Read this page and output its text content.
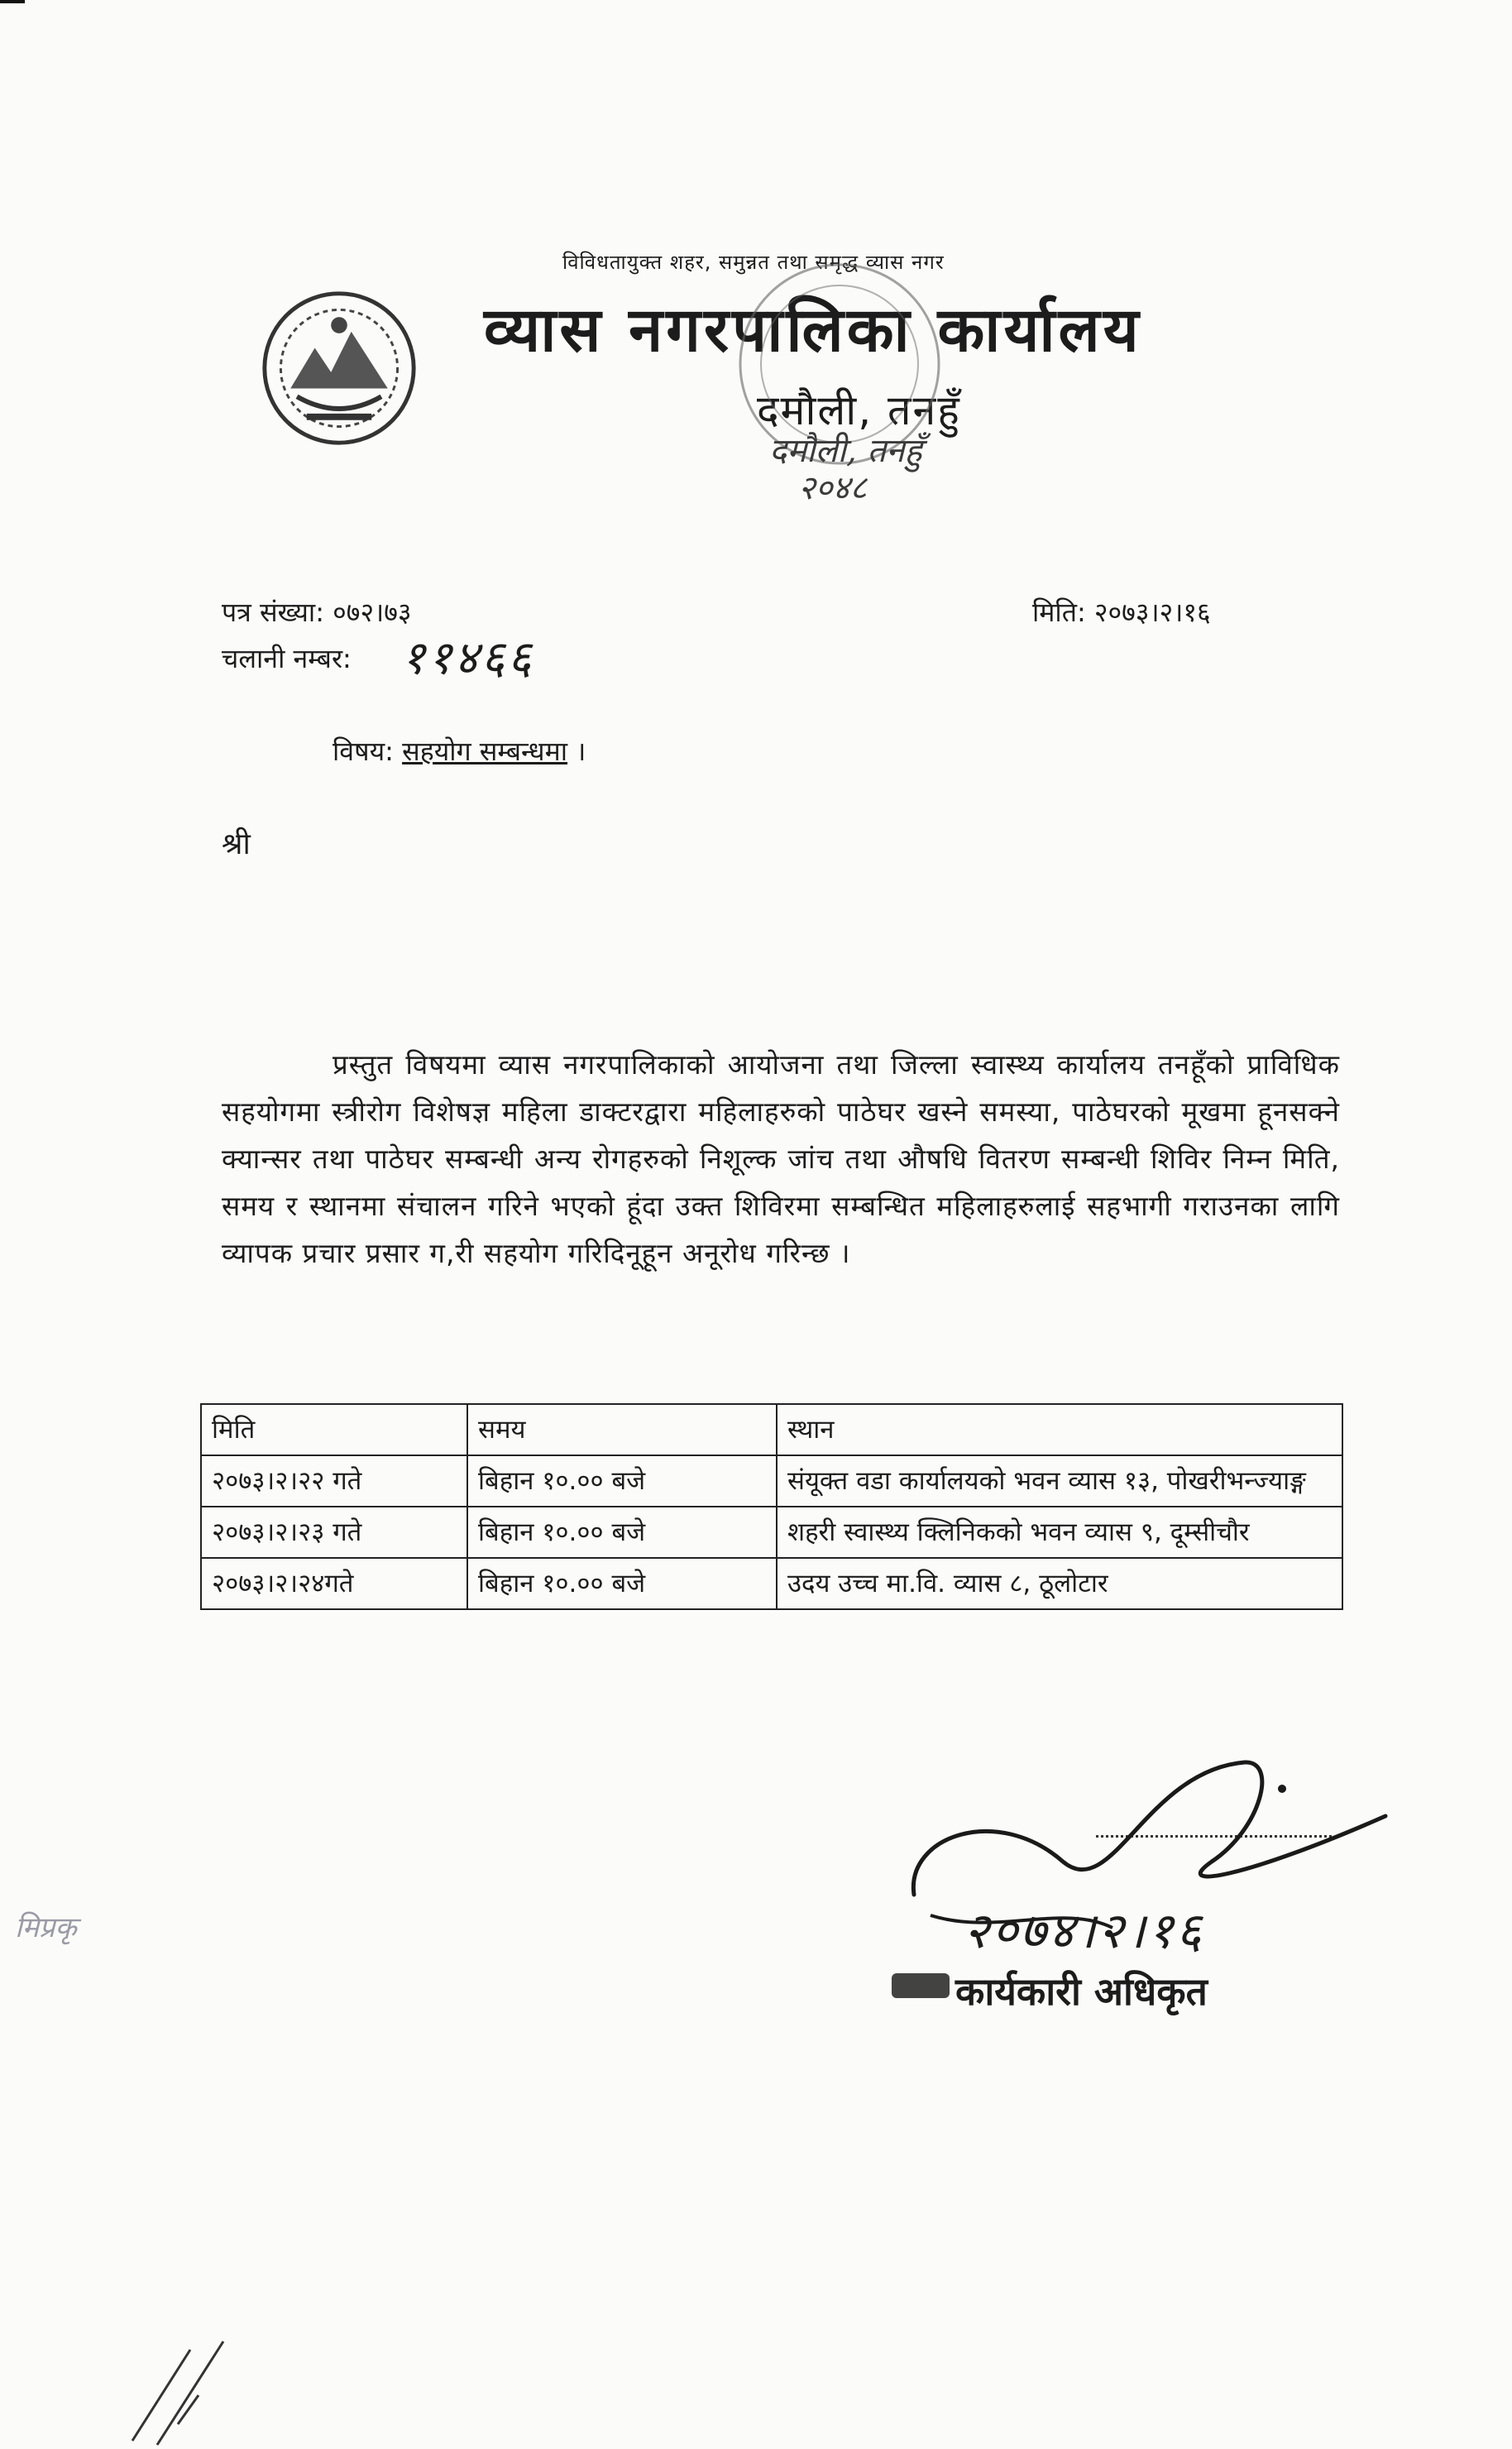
विविधतायुक्त शहर, समुन्नत तथा समृद्ध व्यास नगर
व्यास नगरपालिका कार्यालय
दमौली, तनहुँ
दमौली, तनहुँ
२०४८
पत्र संख्या: ०७२।७३	मिति: २०७३।२।१६
चलानी नम्बर: ११४६६
विषय: सहयोग सम्बन्धमा ।
श्री
प्रस्तुत विषयमा व्यास नगरपालिकाको आयोजना तथा जिल्ला स्वास्थ्य कार्यालय तनहूँको प्राविधिक सहयोगमा स्त्रीरोग विशेषज्ञ महिला डाक्टरद्वारा महिलाहरुको पाठेघर खस्ने समस्या, पाठेघरको मूखमा हूनसक्ने क्यान्सर तथा पाठेघर सम्बन्धी अन्य रोगहरुको निशूल्क जांच तथा औषधि वितरण सम्बन्धी शिविर निम्न मिति, समय र स्थानमा संचालन गरिने भएको हूंदा उक्त शिविरमा सम्बन्धित महिलाहरुलाई सहभागी गराउनका लागि व्यापक प्रचार प्रसार ग,री सहयोग गरिदिनूहून अनूरोध गरिन्छ ।
मिति	समय	स्थान
२०७३।२।२२ गते	बिहान १०.०० बजे	संयूक्त वडा कार्यालयको भवन व्यास १३, पोखरीभन्ज्याङ्ग
२०७३।२।२३ गते	बिहान १०.०० बजे	शहरी स्वास्थ्य क्लिनिकको भवन व्यास ९, दूम्सीचौर
२०७३।२।२४गते	बिहान १०.०० बजे	उदय उच्च मा.वि. व्यास ८, ठूलोटार
२०७४।२।१६
कार्यकारी अधिकृत
मिप्रकृ
